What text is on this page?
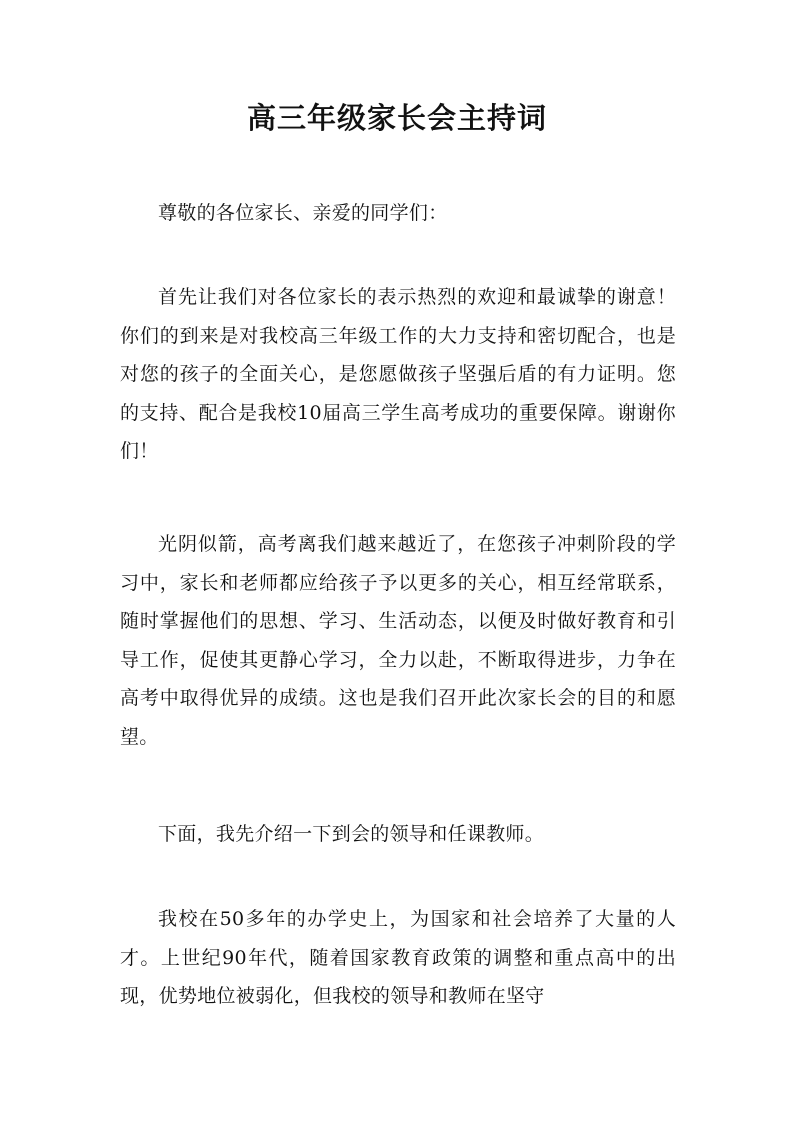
高三年级家长会主持词

尊敬的各位家长、亲爱的同学们：

首先让我们对各位家长的表示热烈的欢迎和最诚挚的谢意！你们的到来是对我校高三年级工作的大力支持和密切配合，也是对您的孩子的全面关心，是您愿做孩子坚强后盾的有力证明。您的支持、配合是我校10届高三学生高考成功的重要保障。谢谢你们！

光阴似箭，高考离我们越来越近了，在您孩子冲刺阶段的学习中，家长和老师都应给孩子予以更多的关心，相互经常联系，随时掌握他们的思想、学习、生活动态，以便及时做好教育和引导工作，促使其更静心学习，全力以赴，不断取得进步，力争在高考中取得优异的成绩。这也是我们召开此次家长会的目的和愿望。

下面，我先介绍一下到会的领导和任课教师。

我校在50多年的办学史上，为国家和社会培养了大量的人才。上世纪90年代，随着国家教育政策的调整和重点高中的出现，优势地位被弱化，但我校的领导和教师在坚守
